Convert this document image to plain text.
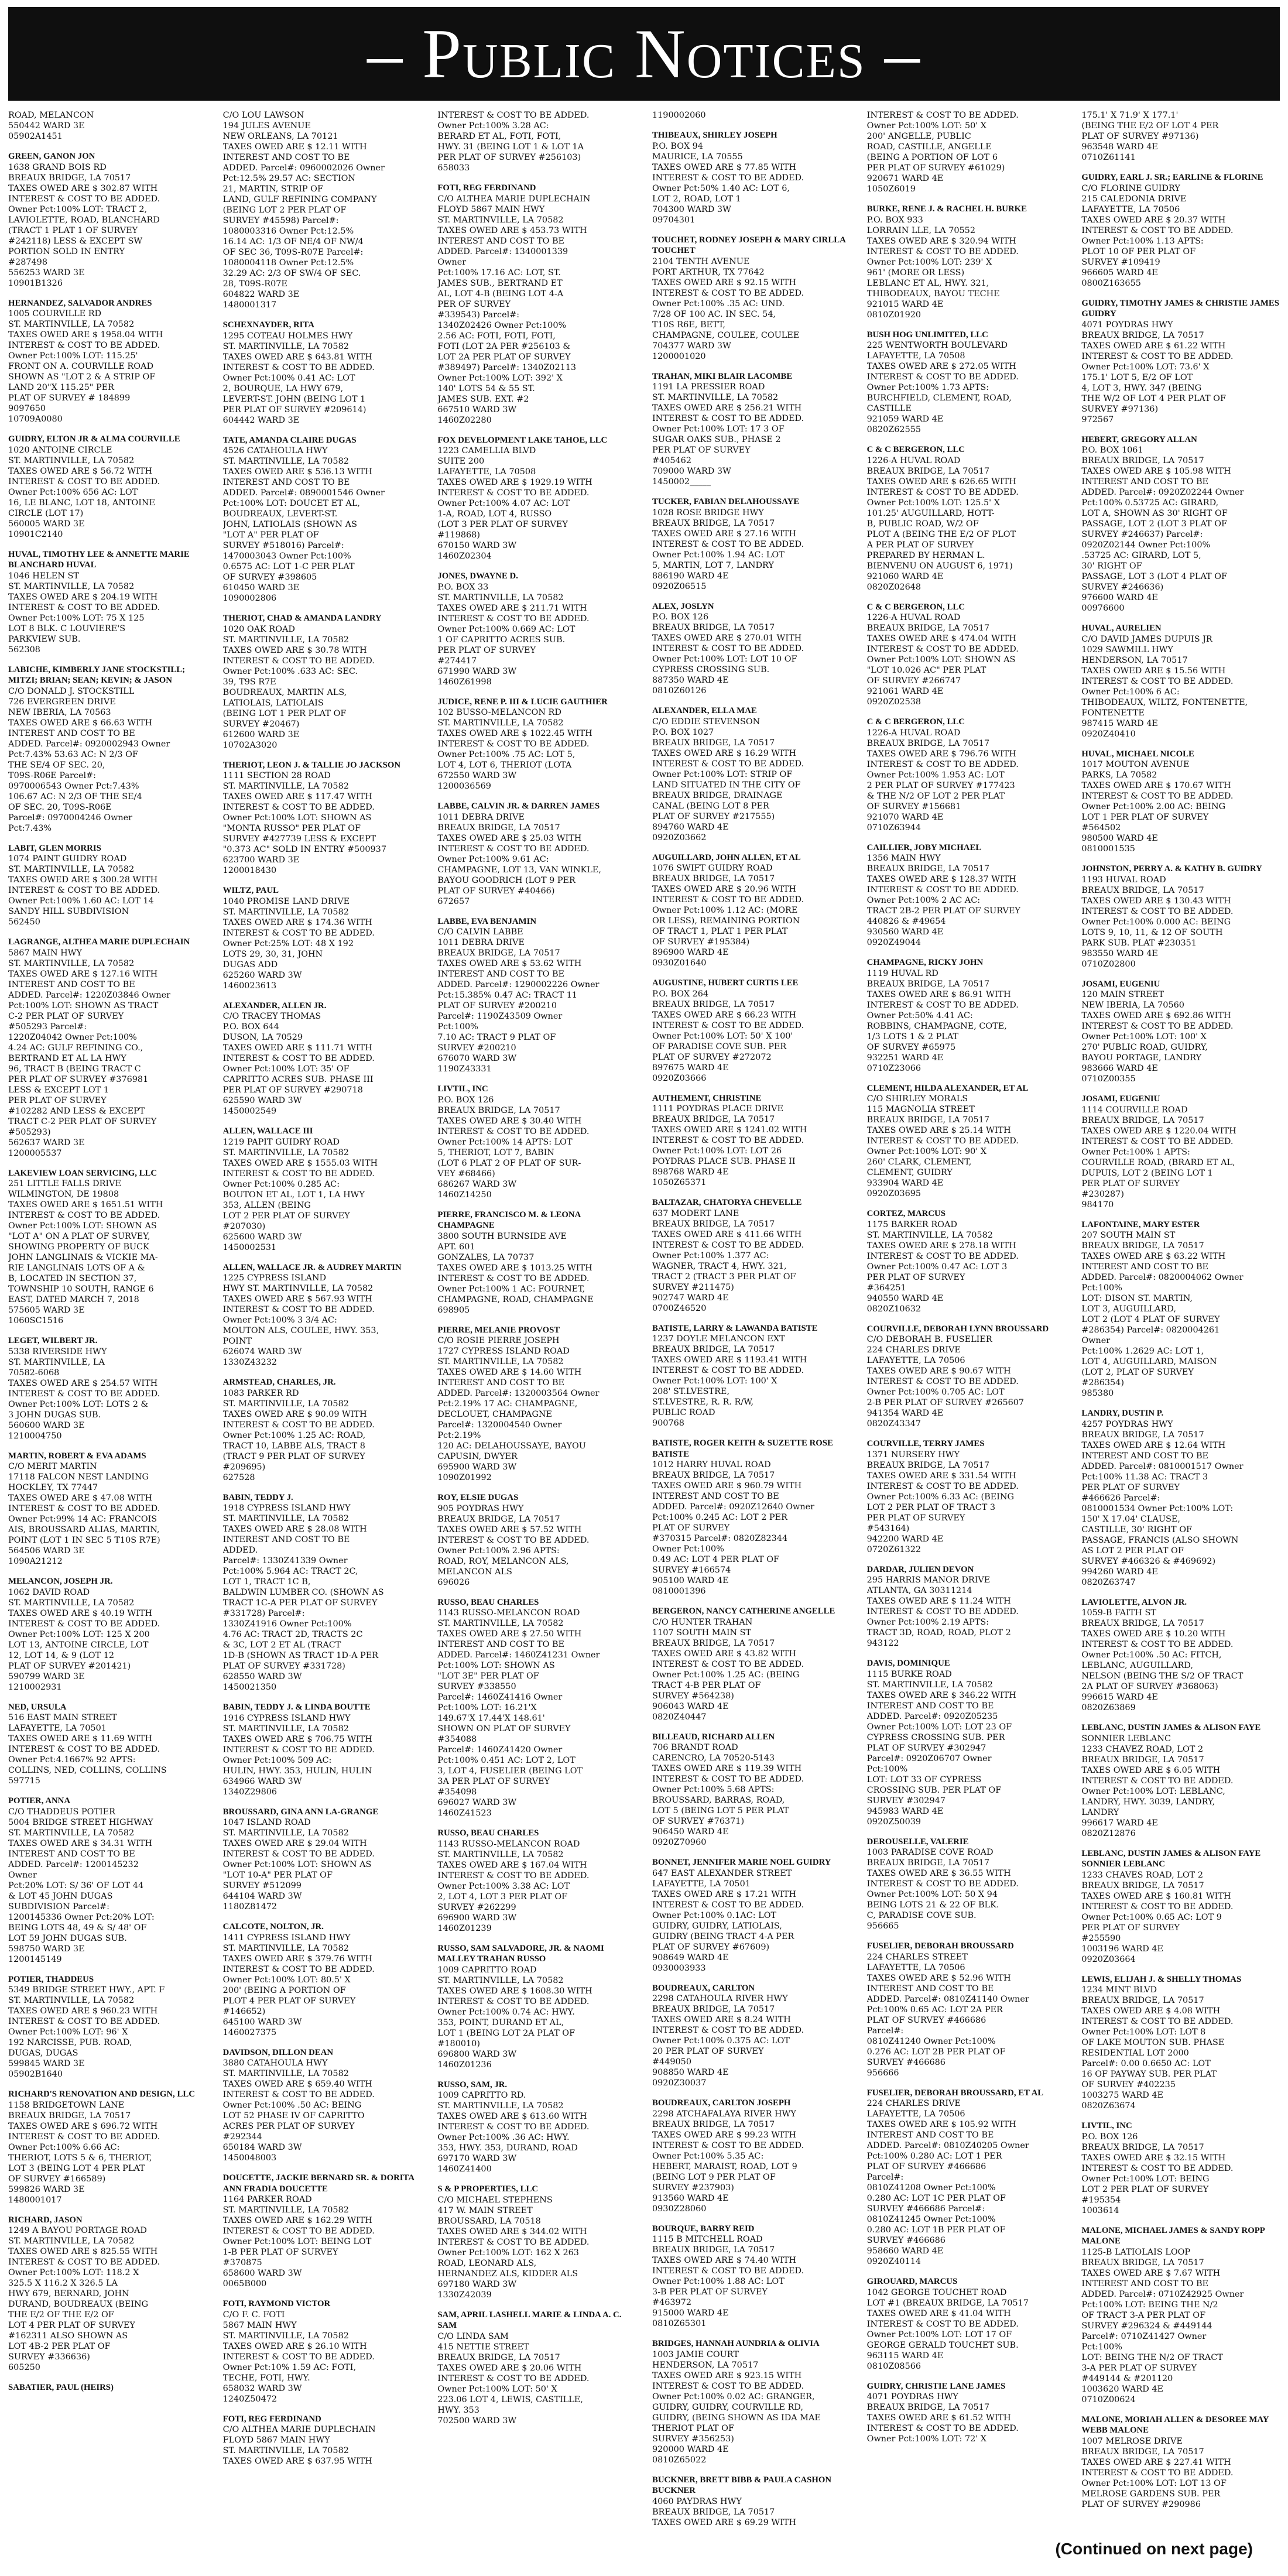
– Public Notices –
ROAD, MELANCON
550442 WARD 3E
05902A1451
GREEN, GANON JON
1638 GRAND BOIS RD
BREAUX BRIDGE, LA 70517
TAXES OWED ARE $ 302.87 WITH
INTEREST & COST TO BE ADDED.
Owner Pct:100% LOT: TRACT 2,
LAVIOLETTE, ROAD, BLANCHARD
(TRACT 1 PLAT 1 OF SURVEY
#242118) LESS & EXCEPT SW
PORTION SOLD IN ENTRY
#287498
556253 WARD 3E
10901B1326
HERNANDEZ, SALVADOR ANDRES
1005 COURVILLE RD
ST. MARTINVILLE, LA 70582
TAXES OWED ARE $ 1958.04 WITH
INTEREST & COST TO BE ADDED.
Owner Pct:100% LOT: 115.25'
FRONT ON A. COURVILLE ROAD
SHOWN AS "LOT 2 & A STRIP OF
LAND 20"X 115.25" PER
PLAT OF SURVEY # 184899
9097650
10709A0080
GUIDRY, ELTON JR & ALMA COURVILLE
1020 ANTOINE CIRCLE
ST. MARTINVILLE, LA 70582
TAXES OWED ARE $ 56.72 WITH
INTEREST & COST TO BE ADDED.
Owner Pct:100% 656 AC: LOT
16, LE BLANC, LOT 18, ANTOINE
CIRCLE (LOT 17)
560005 WARD 3E
10901C2140
HUVAL, TIMOTHY LEE & ANNETTE MARIE BLANCHARD HUVAL
1046 HELEN ST
ST. MARTINVILLE, LA 70582
TAXES OWED ARE $ 204.19 WITH
INTEREST & COST TO BE ADDED.
Owner Pct:100% LOT: 75 X 125
LOT 8 BLK. C LOUVIERE'S
PARKVIEW SUB.
562308
LABICHE, KIMBERLY JANE STOCKSTILL; MITZI; BRIAN; SEAN; KEVIN; & JASON
C/O DONALD J. STOCKSTILL
726 EVERGREEN DRIVE
NEW IBERIA, LA 70563
TAXES OWED ARE $ 66.63 WITH
INTEREST AND COST TO BE
ADDED. Parcel#: 0920002943 Owner
Pct:7.43% 53.63 AC: N 2/3 OF
THE SE/4 OF SEC. 20,
T09S-R06E Parcel#:
0970006543 Owner Pct:7.43%
106.67 AC: N 2/3 OF THE SE/4
OF SEC. 20, T09S-R06E
Parcel#: 0970004246 Owner
Pct:7.43%
LABIT, GLEN MORRIS
1074 PAINT GUIDRY ROAD
ST. MARTINVILLE, LA 70582
TAXES OWED ARE $ 300.28 WITH
INTEREST & COST TO BE ADDED.
Owner Pct:100% 1.60 AC: LOT 14
SANDY HILL SUBDIVISION
562450
LAGRANGE, ALTHEA MARIE DUPLECHAIN
5867 MAIN HWY
ST. MARTINVILLE, LA 70582
TAXES OWED ARE $ 127.16 WITH
INTEREST AND COST TO BE
ADDED. Parcel#: 1220Z03846 Owner
Pct:100% LOT: SHOWN AS TRACT
C-2 PER PLAT OF SURVEY
#505293 Parcel#:
1220Z04042 Owner Pct:100%
4.24 AC: GULF REFINING CO.,
BERTRAND ET AL LA HWY
96, TRACT B (BEING TRACT C
PER PLAT OF SURVEY #376981
LESS & EXCEPT LOT 1
PER PLAT OF SURVEY
#102282 AND LESS & EXCEPT
TRACT C-2 PER PLAT OF SURVEY
#505293)
562637 WARD 3E
1200005537
LAKEVIEW LOAN SERVICING, LLC
251 LITTLE FALLS DRIVE
WILMINGTON, DE 19808
TAXES OWED ARE $ 1651.51 WITH
INTEREST & COST TO BE ADDED.
Owner Pct:100% LOT: SHOWN AS
"LOT A" ON A PLAT OF SURVEY,
SHOWING PROPERTY OF BUCK
JOHN LANGLINAIS & VICKIE MA-
RIE LANGLINAIS LOTS OF A &
B, LOCATED IN SECTION 37,
TOWNSHIP 10 SOUTH, RANGE 6
EAST, DATED MARCH 7, 2018
575605 WARD 3E
1060SC1516
LEGET, WILBERT JR.
5338 RIVERSIDE HWY
ST. MARTINVILLE, LA
70582-6068
TAXES OWED ARE $ 254.57 WITH
INTEREST & COST TO BE ADDED.
Owner Pct:100% LOT: LOTS 2 &
3 JOHN DUGAS SUB.
560600 WARD 3E
1210004750
MARTIN, ROBERT & EVA ADAMS
C/O MERIT MARTIN
17118 FALCON NEST LANDING
HOCKLEY, TX 77447
TAXES OWED ARE $ 47.08 WITH
INTEREST & COST TO BE ADDED.
Owner Pct:99% 14 AC: FRANCOIS
AIS, BROUSSARD ALIAS, MARTIN,
POINT (LOT 1 IN SEC 5 T10S R7E)
564506 WARD 3E
1090A21212
MELANCON, JOSEPH JR.
1062 DAVID ROAD
ST. MARTINVILLE, LA 70582
TAXES OWED ARE $ 40.19 WITH
INTEREST & COST TO BE ADDED.
Owner Pct:100% LOT: 125 X 200
LOT 13, ANTOINE CIRCLE, LOT
12, LOT 14, & 9 (LOT 12
PLAT OF SURVEY #201421)
590799 WARD 3E
1210002931
NED, URSULA
516 EAST MAIN STREET
LAFAYETTE, LA 70501
TAXES OWED ARE $ 11.69 WITH
INTEREST & COST TO BE ADDED.
Owner Pct:4.1667% 92 APTS:
COLLINS, NED, COLLINS, COLLINS
597715
POTIER, ANNA
C/O THADDEUS POTIER
5004 BRIDGE STREET HIGHWAY
ST. MARTINVILLE, LA 70582
TAXES OWED ARE $ 34.31 WITH
INTEREST AND COST TO BE
ADDED. Parcel#: 1200145232
Owner
Pct:20% LOT: S/ 36' OF LOT 44
& LOT 45 JOHN DUGAS
SUBDIVISION Parcel#:
1200145336 Owner Pct:20% LOT:
BEING LOTS 48, 49 & S/ 48' OF
LOT 59 JOHN DUGAS SUB.
598750 WARD 3E
1200145149
POTIER, THADDEUS
5349 BRIDGE STREET HWY., APT. F
ST. MARTINVILLE, LA 70582
TAXES OWED ARE $ 960.23 WITH
INTEREST & COST TO BE ADDED.
Owner Pct:100% LOT: 96' X
192 NARCISSE, PUB. ROAD,
DUGAS, DUGAS
599845 WARD 3E
05902B1640
RICHARD'S RENOVATION AND DESIGN, LLC
1158 BRIDGETOWN LANE
BREAUX BRIDGE, LA 70517
TAXES OWED ARE $ 696.72 WITH
INTEREST & COST TO BE ADDED.
Owner Pct:100% 6.66 AC:
THERIOT, LOTS 5 & 6, THERIOT,
LOT 3 (BEING LOT 4 PER PLAT
OF SURVEY #166589)
599826 WARD 3E
1480001017
RICHARD, JASON
1249 A BAYOU PORTAGE ROAD
ST. MARTINVILLE, LA 70582
TAXES OWED ARE $ 825.55 WITH
INTEREST & COST TO BE ADDED.
Owner Pct:100% LOT: 118.2 X
325.5 X 116.2 X 326.5 LA
HWY 679, BERNARD, JOHN
DURAND, BOUDREAUX (BEING
THE E/2 OF THE E/2 OF
LOT 4 PER PLAT OF SURVEY
#162311 ALSO SHOWN AS
LOT 4B-2 PER PLAT OF
SURVEY #336636)
605250
SABATIER, PAUL (HEIRS)
C/O LOU LAWSON
194 JULES AVENUE
NEW ORLEANS, LA 70121
TAXES OWED ARE $ 12.11 WITH
INTEREST AND COST TO BE
ADDED. Parcel#: 0960002026 Owner
Pct:12.5% 29.57 AC: SECTION
21, MARTIN, STRIP OF
LAND, GULF REFINING COMPANY
(BEING LOT 2 PER PLAT OF
SURVEY #45598) Parcel#:
1080003316 Owner Pct:12.5%
16.14 AC: 1/3 OF NE/4 OF NW/4
OF SEC 36, T09S-R07E Parcel#:
1080004118 Owner Pct:12.5%
32.29 AC: 2/3 OF SW/4 OF SEC.
28, T09S-R07E
604822 WARD 3E
1480001317
SCHEXNAYDER, RITA
1295 COTEAU HOLMES HWY
ST. MARTINVILLE, LA 70582
TAXES OWED ARE $ 643.81 WITH
INTEREST & COST TO BE ADDED.
Owner Pct:100% 0.41 AC: LOT
2, BOURQUE, LA HWY 679,
LEVERT-ST. JOHN (BEING LOT 1
PER PLAT OF SURVEY #209614)
604442 WARD 3E
TATE, AMANDA CLAIRE DUGAS
4526 CATAHOULA HWY
ST. MARTINVILLE, LA 70582
TAXES OWED ARE $ 536.13 WITH
INTEREST AND COST TO BE
ADDED. Parcel#: 0890001546 Owner
Pct:100% LOT: DOUCET ET AL,
BOUDREAUX, LEVERT-ST.
JOHN, LATIOLAIS (SHOWN AS
"LOT A" PER PLAT OF
SURVEY #518016) Parcel#:
1470003043 Owner Pct:100%
0.6575 AC: LOT 1-C PER PLAT
OF SURVEY #398605
610450 WARD 3E
1090002806
THERIOT, CHAD & AMANDA LANDRY
1020 OAK ROAD
ST. MARTINVILLE, LA 70582
TAXES OWED ARE $ 30.78 WITH
INTEREST & COST TO BE ADDED.
Owner Pct:100% .633 AC: SEC.
39, T9S R7E
BOUDREAUX, MARTIN ALS,
LATIOLAIS, LATIOLAIS
(BEING LOT 1 PER PLAT OF
SURVEY #20467)
612600 WARD 3E
10702A3020
THERIOT, LEON J. & TALLIE JO JACKSON
1111 SECTION 28 ROAD
ST. MARTINVILLE, LA 70582
TAXES OWED ARE $ 117.47 WITH
INTEREST & COST TO BE ADDED.
Owner Pct:100% LOT: SHOWN AS
"MONTA RUSSO" PER PLAT OF
SURVEY #427739 LESS & EXCEPT
"0.373 AC" SOLD IN ENTRY #500937
623700 WARD 3E
1200018430
WILTZ, PAUL
1040 PROMISE LAND DRIVE
ST. MARTINVILLE, LA 70582
TAXES OWED ARE $ 174.36 WITH
INTEREST & COST TO BE ADDED.
Owner Pct:25% LOT: 48 X 192
LOTS 29, 30, 31, JOHN
DUGAS ADD
625260 WARD 3W
1460023613
ALEXANDER, ALLEN JR.
C/O TRACEY THOMAS
P.O. BOX 644
DUSON, LA 70529
TAXES OWED ARE $ 111.71 WITH
INTEREST & COST TO BE ADDED.
Owner Pct:100% LOT: 35' OF
CAPRITTO ACRES SUB. PHASE III
PER PLAT OF SURVEY #290718
625590 WARD 3W
1450002549
ALLEN, WALLACE III
1219 PAPIT GUIDRY ROAD
ST. MARTINVILLE, LA 70582
TAXES OWED ARE $ 1555.03 WITH
INTEREST & COST TO BE ADDED.
Owner Pct:100% 0.285 AC:
BOUTON ET AL, LOT 1, LA HWY
353, ALLEN (BEING
LOT 2 PER PLAT OF SURVEY
#207030)
625600 WARD 3W
1450002531
ALLEN, WALLACE JR. & AUDREY MARTIN
1225 CYPRESS ISLAND
HWY ST. MARTINVILLE, LA 70582
TAXES OWED ARE $ 567.93 WITH
INTEREST & COST TO BE ADDED.
Owner Pct:100% 3 3/4 AC:
MOUTON ALS, COULEE, HWY. 353,
POINT
626074 WARD 3W
1330Z43232
ARMSTEAD, CHARLES, JR.
1083 PARKER RD
ST. MARTINVILLE, LA 70582
TAXES OWED ARE $ 90.09 WITH
INTEREST & COST TO BE ADDED.
Owner Pct:100% 1.25 AC: ROAD,
TRACT 10, LABBE ALS, TRACT 8
(TRACT 9 PER PLAT OF SURVEY
#209695)
627528
BABIN, TEDDY J.
1918 CYPRESS ISLAND HWY
ST. MARTINVILLE, LA 70582
TAXES OWED ARE $ 28.08 WITH
INTEREST AND COST TO BE
ADDED.
Parcel#: 1330Z41339 Owner
Pct:100% 5.964 AC: TRACT 2C,
LOT 1, TRACT 1C B,
BALDWIN LUMBER CO. (SHOWN AS
TRACT 1C-A PER PLAT OF SURVEY
#331728) Parcel#:
1330Z41916 Owner Pct:100%
4.76 AC: TRACT 2D, TRACTS 2C
& 3C, LOT 2 ET AL (TRACT
1D-B (SHOWN AS TRACT 1D-A PER
PLAT OF SURVEY #331728)
628550 WARD 3W
1450021350
BABIN, TEDDY J. & LINDA BOUTTE
1916 CYPRESS ISLAND HWY
ST. MARTINVILLE, LA 70582
TAXES OWED ARE $ 706.75 WITH
INTEREST & COST TO BE ADDED.
Owner Pct:100% 509 AC:
HULIN, HWY. 353, HULIN, HULIN
634966 WARD 3W
1340Z29806
BROUSSARD, GINA ANN LA-GRANGE
1047 ISLAND ROAD
ST. MARTINVILLE, LA 70582
TAXES OWED ARE $ 29.04 WITH
INTEREST & COST TO BE ADDED.
Owner Pct:100% LOT: SHOWN AS
"LOT 10-A" PER PLAT OF
SURVEY #512099
644104 WARD 3W
1180Z81472
CALCOTE, NOLTON, JR.
1411 CYPRESS ISLAND HWY
ST. MARTINVILLE, LA 70582
TAXES OWED ARE $ 379.76 WITH
INTEREST & COST TO BE ADDED.
Owner Pct:100% LOT: 80.5' X
200' (BEING A PORTION OF
PLOT 4 PER PLAT OF SURVEY
#146652)
645100 WARD 3W
1460027375
DAVIDSON, DILLON DEAN
3880 CATAHOULA HWY
ST. MARTINVILLE, LA 70582
TAXES OWED ARE $ 659.40 WITH
INTEREST & COST TO BE ADDED.
Owner Pct:100% .50 AC: BEING
LOT 52 PHASE IV OF CAPRITTO
ACRES PER PLAT OF SURVEY
#292344
650184 WARD 3W
1450048003
DOUCETTE, JACKIE BERNARD SR. & DORITA ANN FRADIA DOUCETTE
1164 PARKER ROAD
ST. MARTINVILLE, LA 70582
TAXES OWED ARE $ 162.29 WITH
INTEREST & COST TO BE ADDED.
Owner Pct:100% LOT: BEING LOT
1-B PER PLAT OF SURVEY
#370875
658600 WARD 3W
0065B000
FOTI, RAYMOND VICTOR
C/O F. C. FOTI
5867 MAIN HWY
ST. MARTINVILLE, LA 70582
TAXES OWED ARE $ 26.10 WITH
INTEREST & COST TO BE ADDED.
Owner Pct:10% 1.59 AC: FOTI,
TECHE, FOTI, HWY.
658032 WARD 3W
1240Z50472
FOTI, REG FERDINAND
C/O ALTHEA MARIE DUPLECHAIN
FLOYD 5867 MAIN HWY
ST. MARTINVILLE, LA 70582
TAXES OWED ARE $ 637.95 WITH
INTEREST & COST TO BE ADDED.
Owner Pct:100% 3.28 AC:
BERARD ET AL, FOTI, FOTI,
HWY. 31 (BEING LOT 1 & LOT 1A
PER PLAT OF SURVEY #256103)
658033
FOTI, REG FERDINAND
C/O ALTHEA MARIE DUPLECHAIN
FLOYD 5867 MAIN HWY
ST. MARTINVILLE, LA 70582
TAXES OWED ARE $ 453.73 WITH
INTEREST AND COST TO BE
ADDED. Parcel#: 1340001339
Owner
Pct:100% 17.16 AC: LOT, ST.
JAMES SUB., BERTRAND ET
AL, LOT 4-B (BEING LOT 4-A
PER OF SURVEY
#339543) Parcel#:
1340Z02426 Owner Pct:100%
2.56 AC: FOTI, FOTI, FOTI,
FOTI (LOT 2A PER #256103 &
LOT 2A PER PLAT OF SURVEY
#389497) Parcel#: 1340Z02113
Owner Pct:100% LOT: 392' X
140' LOTS 54 & 55 ST.
JAMES SUB. EXT. #2
667510 WARD 3W
1460Z02280
FOX DEVELOPMENT LAKE TAHOE, LLC
1223 CAMELLIA BLVD
SUITE 200
LAFAYETTE, LA 70508
TAXES OWED ARE $ 1929.19 WITH
INTEREST & COST TO BE ADDED.
Owner Pct:100% 4.07 AC: LOT
1-A, ROAD, LOT 4, RUSSO
(LOT 3 PER PLAT OF SURVEY
#119868)
670150 WARD 3W
1460Z02304
JONES, DWAYNE D.
P.O. BOX 33
ST. MARTINVILLE, LA 70582
TAXES OWED ARE $ 211.71 WITH
INTEREST & COST TO BE ADDED.
Owner Pct:100% 0.669 AC: LOT
1 OF CAPRITTO ACRES SUB.
PER PLAT OF SURVEY
#274417
671990 WARD 3W
1460Z61998
JUDICE, RENE P. III & LUCIE GAUTHIER
102 BUSSO-MELANCON RD
ST. MARTINVILLE, LA 70582
TAXES OWED ARE $ 1022.45 WITH
INTEREST & COST TO BE ADDED.
Owner Pct:100% .75 AC: LOT 5,
LOT 4, LOT 6, THERIOT (LOTA
672550 WARD 3W
1200036569
LABBE, CALVIN JR. & DARREN JAMES
1011 DEBRA DRIVE
BREAUX BRIDGE, LA 70517
TAXES OWED ARE $ 25.03 WITH
INTEREST & COST TO BE ADDED.
Owner Pct:100% 9.61 AC:
CHAMPAGNE, LOT 13, VAN WINKLE,
BAYOU GOODRICH (LOT 9 PER
PLAT OF SURVEY #40466)
672657
LABBE, EVA BENJAMIN
C/O CALVIN LABBE
1011 DEBRA DRIVE
BREAUX BRIDGE, LA 70517
TAXES OWED ARE $ 53.62 WITH
INTEREST AND COST TO BE
ADDED. Parcel#: 1290002226 Owner
Pct:15.385% 0.47 AC: TRACT 11
PLAT OF SURVEY #200210
Parcel#: 1190Z43509 Owner
Pct:100%
7.10 AC: TRACT 9 PLAT OF
SURVEY #200210
676070 WARD 3W
1190Z43331
LIVTIL, INC
P.O. BOX 126
BREAUX BRIDGE, LA 70517
TAXES OWED ARE $ 30.40 WITH
INTEREST & COST TO BE ADDED.
Owner Pct:100% 14 APTS: LOT
5, THERIOT, LOT 7, BABIN
(LOT 6 PLAT 2 OF PLAT OF SUR-
VEY #68466)
686267 WARD 3W
1460Z14250
PIERRE, FRANCISCO M. & LEONA CHAMPAGNE
3800 SOUTH BURNSIDE AVE
APT. 601
GONZALES, LA 70737
TAXES OWED ARE $ 1013.25 WITH
INTEREST & COST TO BE ADDED.
Owner Pct:100% 1 AC: FOURNET,
CHAMPAGNE, ROAD, CHAMPAGNE
698905
PIERRE, MELANIE PROVOST
C/O ROSIE PIERRE JOSEPH
1727 CYPRESS ISLAND ROAD
ST. MARTINVILLE, LA 70582
TAXES OWED ARE $ 14.60 WITH
INTEREST AND COST TO BE
ADDED. Parcel#: 1320003564 Owner
Pct:2.19% 17 AC: CHAMPAGNE,
DECLOUET, CHAMPAGNE
Parcel#: 1320004540 Owner
Pct:2.19%
120 AC: DELAHOUSSAYE, BAYOU
CAPUSIN, DWYER
695900 WARD 3W
1090Z01992
ROY, ELSIE DUGAS
905 POYDRAS HWY
BREAUX BRIDGE, LA 70517
TAXES OWED ARE $ 57.52 WITH
INTEREST & COST TO BE ADDED.
Owner Pct:100% 2.96 APTS:
ROAD, ROY, MELANCON ALS,
MELANCON ALS
696026
RUSSO, BEAU CHARLES
1143 RUSSO-MELANCON ROAD
ST. MARTINVILLE, LA 70582
TAXES OWED ARE $ 27.50 WITH
INTEREST AND COST TO BE
ADDED. Parcel#: 1460Z41231 Owner
Pct:100% LOT: SHOWN AS
"LOT 3E" PER PLAT OF
SURVEY #338550
Parcel#: 1460Z41416 Owner
Pct:100% LOT: 16.21'X
149.67'X 17.44'X 148.61'
SHOWN ON PLAT OF SURVEY
#354088
Parcel#: 1460Z41420 Owner
Pct:100% 0.451 AC: LOT 2, LOT
3, LOT 4, FUSELIER (BEING LOT
3A PER PLAT OF SURVEY
#354098
696027 WARD 3W
1460Z41523
RUSSO, BEAU CHARLES
1143 RUSSO-MELANCON ROAD
ST. MARTINVILLE, LA 70582
TAXES OWED ARE $ 167.04 WITH
INTEREST & COST TO BE ADDED.
Owner Pct:100% 3.38 AC: LOT
2, LOT 4, LOT 3 PER PLAT OF
SURVEY #262299
696900 WARD 3W
1460Z01239
RUSSO, SAM SALVADORE, JR. & NAOMI MALLEY TRAHAN RUSSO
1009 CAPRITTO ROAD
ST. MARTINVILLE, LA 70582
TAXES OWED ARE $ 1608.30 WITH
INTEREST & COST TO BE ADDED.
Owner Pct:100% 0.74 AC: HWY.
353, POINT, DURAND ET AL,
LOT 1 (BEING LOT 2A PLAT OF
#180010)
696800 WARD 3W
1460Z01236
RUSSO, SAM, JR.
1009 CAPRITTO RD.
ST. MARTINVILLE, LA 70582
TAXES OWED ARE $ 613.60 WITH
INTEREST & COST TO BE ADDED.
Owner Pct:100% .36 AC: HWY.
353, HWY. 353, DURAND, ROAD
697170 WARD 3W
1460Z41400
S & P PROPERTIES, LLC
C/O MICHAEL STEPHENS
417 W. MAIN STREET
BROUSSARD, LA 70518
TAXES OWED ARE $ 344.02 WITH
INTEREST & COST TO BE ADDED.
Owner Pct:100% LOT: 162 X 263
ROAD, LEONARD ALS,
HERNANDEZ ALS, KIDDER ALS
697180 WARD 3W
1330Z42039
SAM, APRIL LASHELL MARIE & LINDA A. C. SAM
C/O LINDA SAM
415 NETTIE STREET
BREAUX BRIDGE, LA 70517
TAXES OWED ARE $ 20.06 WITH
INTEREST & COST TO BE ADDED.
Owner Pct:100% LOT: 50' X
223.06 LOT 4, LEWIS, CASTILLE,
HWY. 353
702500 WARD 3W
1190002060
THIBEAUX, SHIRLEY JOSEPH
P.O. BOX 94
MAURICE, LA 70555
TAXES OWED ARE $ 77.85 WITH
INTEREST & COST TO BE ADDED.
Owner Pct:50% 1.40 AC: LOT 6,
LOT 2, ROAD, LOT 1
704300 WARD 3W
09704301
TOUCHET, RODNEY JOSEPH & MARY CIRLLA TOUCHET
2104 TENTH AVENUE
PORT ARTHUR, TX 77642
TAXES OWED ARE $ 92.15 WITH
INTEREST & COST TO BE ADDED.
Owner Pct:100% .35 AC: UND.
7/28 OF 100 AC. IN SEC. 54,
T10S R6E, BETT,
CHAMPAGNE, COULEE, COULEE
704377 WARD 3W
1200001020
TRAHAN, MIKI BLAIR LACOMBE
1191 LA PRESSIER ROAD
ST. MARTINVILLE, LA 70582
TAXES OWED ARE $ 256.21 WITH
INTEREST & COST TO BE ADDED.
Owner Pct:100% LOT: 17 3 OF
SUGAR OAKS SUB., PHASE 2
PER PLAT OF SURVEY
#405462
709000 WARD 3W
1450002_____
TUCKER, FABIAN DELAHOUSSAYE
1028 ROSE BRIDGE HWY
BREAUX BRIDGE, LA 70517
TAXES OWED ARE $ 27.16 WITH
INTEREST & COST TO BE ADDED.
Owner Pct:100% 1.94 AC: LOT
5, MARTIN, LOT 7, LANDRY
886190 WARD 4E
0920Z06515
ALEX, JOSLYN
P.O. BOX 126
BREAUX BRIDGE, LA 70517
TAXES OWED ARE $ 270.01 WITH
INTEREST & COST TO BE ADDED.
Owner Pct:100% LOT: LOT 10 OF
CYPRESS CROSSING SUB.
887350 WARD 4E
0810Z60126
ALEXANDER, ELLA MAE
C/O EDDIE STEVENSON
P.O. BOX 1027
BREAUX BRIDGE, LA 70517
TAXES OWED ARE $ 16.29 WITH
INTEREST & COST TO BE ADDED.
Owner Pct:100% LOT: STRIP OF
LAND SITUATED IN THE CITY OF
BREAUX BRIDGE, DRAINAGE
CANAL (BEING LOT 8 PER
PLAT OF SURVEY #217555)
894760 WARD 4E
0920Z03662
AUGUILLARD, JOHN ALLEN, ET AL
1076 SWIFT GUIDRY ROAD
BREAUX BRIDGE, LA 70517
TAXES OWED ARE $ 20.96 WITH
INTEREST & COST TO BE ADDED.
Owner Pct:100% 1.12 AC: (MORE
OR LESS), REMAINING PORTION
OF TRACT 1, PLAT 1 PER PLAT
OF SURVEY #195384)
896900 WARD 4E
0930Z01640
AUGUSTINE, HUBERT CURTIS LEE
P.O. BOX 264
BREAUX BRIDGE, LA 70517
TAXES OWED ARE $ 66.23 WITH
INTEREST & COST TO BE ADDED.
Owner Pct:100% LOT: 50' X 100'
OF PARADISE COVE SUB. PER
PLAT OF SURVEY #272072
897675 WARD 4E
0920Z03666
AUTHEMENT, CHRISTINE
1111 POYDRAS PLACE DRIVE
BREAUX BRIDGE, LA 70517
TAXES OWED ARE $ 1241.02 WITH
INTEREST & COST TO BE ADDED.
Owner Pct:100% LOT: LOT 26
POYDRAS PLACE SUB. PHASE II
898768 WARD 4E
1050Z65371
BALTAZAR, CHATORYA CHEVELLE
637 MODERT LANE
BREAUX BRIDGE, LA 70517
TAXES OWED ARE $ 411.66 WITH
INTEREST & COST TO BE ADDED.
Owner Pct:100% 1.377 AC:
WAGNER, TRACT 4, HWY. 321,
TRACT 2 (TRACT 3 PER PLAT OF
SURVEY #211475)
902747 WARD 4E
0700Z46520
BATISTE, LARRY & LAWANDA BATISTE
1237 DOYLE MELANCON EXT
BREAUX BRIDGE, LA 70517
TAXES OWED ARE $ 1193.41 WITH
INTEREST & COST TO BE ADDED.
Owner Pct:100% LOT: 100' X
208' ST.LVESTRE,
ST.LVESTRE, R. R. R/W,
PUBLIC ROAD
900768
BATISTE, ROGER KEITH & SUZETTE ROSE BATISTE
1012 HARRY HUVAL ROAD
BREAUX BRIDGE, LA 70517
TAXES OWED ARE $ 960.79 WITH
INTEREST AND COST TO BE
ADDED. Parcel#: 0920Z12640 Owner
Pct:100% 0.245 AC: LOT 2 PER
PLAT OF SURVEY
#370315 Parcel#: 0820Z82344
Owner Pct:100%
0.49 AC: LOT 4 PER PLAT OF
SURVEY #166574
905100 WARD 4E
0810001396
BERGERON, NANCY CATHERINE ANGELLE
C/O HUNTER TRAHAN
1107 SOUTH MAIN ST
BREAUX BRIDGE, LA 70517
TAXES OWED ARE $ 43.82 WITH
INTEREST & COST TO BE ADDED.
Owner Pct:100% 1.25 AC: (BEING
TRACT 4-B PER PLAT OF
SURVEY #564238)
906043 WARD 4E
0820Z40447
BILLEAUD, RICHARD ALLEN
706 BRANDT ROAD
CARENCRO, LA 70520-5143
TAXES OWED ARE $ 119.39 WITH
INTEREST & COST TO BE ADDED.
Owner Pct:100% 5.68 APTS:
BROUSSARD, BARRAS, ROAD,
LOT 5 (BEING LOT 5 PER PLAT
OF SURVEY #76371)
906450 WARD 4E
0920Z70960
BONNET, JENNIFER MARIE NOEL GUIDRY
647 EAST ALEXANDER STREET
LAFAYETTE, LA 70501
TAXES OWED ARE $ 17.21 WITH
INTEREST & COST TO BE ADDED.
Owner Pct:100% 0.1AC: LOT
GUIDRY, GUIDRY, LATIOLAIS,
GUIDRY (BEING TRACT 4-A PER
PLAT OF SURVEY #67609)
908649 WARD 4E
0930003933
BOUDREAUX, CARLTON
2298 CATAHOULA RIVER HWY
BREAUX BRIDGE, LA 70517
TAXES OWED ARE $ 8.24 WITH
INTEREST & COST TO BE ADDED.
Owner Pct:100% 0.375 AC: LOT
20 PER PLAT OF SURVEY
#449050
908850 WARD 4E
0920Z30037
BOUDREAUX, CARLTON JOSEPH
2298 ATCHAFALAYA RIVER HWY
BREAUX BRIDGE, LA 70517
TAXES OWED ARE $ 99.23 WITH
INTEREST & COST TO BE ADDED.
Owner Pct:100% 5.35 AC:
HEBERT, MARAIST, ROAD, LOT 9
(BEING LOT 9 PER PLAT OF
SURVEY #237903)
913560 WARD 4E
0930Z28060
BOURQUE, BARRY REID
1115 B MITCHELL ROAD
BREAUX BRIDGE, LA 70517
TAXES OWED ARE $ 74.40 WITH
INTEREST & COST TO BE ADDED.
Owner Pct:100% 1.88 AC: LOT
3-B PER PLAT OF SURVEY
#463972
915000 WARD 4E
0810Z65301
BRIDGES, HANNAH AUNDRIA & OLIVIA
1003 JAMIE COURT
HENDERSON, LA 70517
TAXES OWED ARE $ 923.15 WITH
INTEREST & COST TO BE ADDED.
Owner Pct:100% 0.02 AC: GRANGER,
GUIDRY, GUIDRY, COURVILLE RD,
GUIDRY, (BEING SHOWN AS IDA MAE
THERIOT PLAT OF
SURVEY #356253)
920000 WARD 4E
0810Z65022
BUCKNER, BRETT BIBB & PAULA CASHON BUCKNER
4060 PAYDRAS HWY
BREAUX BRIDGE, LA 70517
TAXES OWED ARE $ 69.29 WITH
INTEREST & COST TO BE ADDED.
Owner Pct:100% LOT: 50' X
200' ANGELLE, PUBLIC
ROAD, CASTILLE, ANGELLE
(BEING A PORTION OF LOT 6
PER PLAT OF SURVEY #61029)
920671 WARD 4E
1050Z6019
BURKE, RENE J. & RACHEL H. BURKE
P.O. BOX 933
LORRAIN LLE, LA 70552
TAXES OWED ARE $ 320.94 WITH
INTEREST & COST TO BE ADDED.
Owner Pct:100% LOT: 239' X
961' (MORE OR LESS)
LEBLANC ET AL, HWY. 321,
THIBODEAUX, BAYOU TECHE
921015 WARD 4E
0810Z01920
BUSH HOG UNLIMITED, LLC
225 WENTWORTH BOULEVARD
LAFAYETTE, LA 70508
TAXES OWED ARE $ 272.05 WITH
INTEREST & COST TO BE ADDED.
Owner Pct:100% 1.73 APTS:
BURCHFIELD, CLEMENT, ROAD,
CASTILLE
921059 WARD 4E
0820Z62555
C & C BERGERON, LLC
1226-A HUVAL ROAD
BREAUX BRIDGE, LA 70517
TAXES OWED ARE $ 626.65 WITH
INTEREST & COST TO BE ADDED.
Owner Pct:100% LOT: 125.5' X
101.25' AUGUILLARD, HOTT-
B, PUBLIC ROAD, W/2 OF
PLOT A (BEING THE E/2 OF PLOT
A PER PLAT OF SURVEY
PREPARED BY HERMAN L.
BIENVENU ON AUGUST 6, 1971)
921060 WARD 4E
0820Z02648
C & C BERGERON, LLC
1226-A HUVAL ROAD
BREAUX BRIDGE, LA 70517
TAXES OWED ARE $ 474.04 WITH
INTEREST & COST TO BE ADDED.
Owner Pct:100% LOT: SHOWN AS
"LOT 10.026 AC" PER PLAT
OF SURVEY #266747
921061 WARD 4E
0920Z02538
C & C BERGERON, LLC
1226-A HUVAL ROAD
BREAUX BRIDGE, LA 70517
TAXES OWED ARE $ 796.76 WITH
INTEREST & COST TO BE ADDED.
Owner Pct:100% 1.953 AC: LOT
2 PER PLAT OF SURVEY #177423
& THE N/2 OF LOT 2 PER PLAT
OF SURVEY #156681
921070 WARD 4E
0710Z63944
CAILLIER, JOBY MICHAEL
1356 MAIN HWY
BREAUX BRIDGE, LA 70517
TAXES OWED ARE $ 128.37 WITH
INTEREST & COST TO BE ADDED.
Owner Pct:100% 2 AC AC:
TRACT 2B-2 PER PLAT OF SURVEY
440826 & #49654
930560 WARD 4E
0920Z49044
CHAMPAGNE, RICKY JOHN
1119 HUVAL RD
BREAUX BRIDGE, LA 70517
TAXES OWED ARE $ 86.91 WITH
INTEREST & COST TO BE ADDED.
Owner Pct:50% 4.41 AC:
ROBBINS, CHAMPAGNE, COTE,
1/3 LOTS 1 & 2 PLAT
OF SURVEY #65975
932251 WARD 4E
0710Z23066
CLEMENT, HILDA ALEXANDER, ET AL
C/O SHIRLEY MORALS
115 MAGNOLIA STREET
BREAUX BRIDGE, LA 70517
TAXES OWED ARE $ 25.14 WITH
INTEREST & COST TO BE ADDED.
Owner Pct:100% LOT: 90' X
260' CLARK, CLEMENT,
CLEMENT, GUIDRY
933904 WARD 4E
0920Z03695
CORTEZ, MARCUS
1175 BARKER ROAD
ST. MARTINVILLE, LA 70582
TAXES OWED ARE $ 278.18 WITH
INTEREST & COST TO BE ADDED.
Owner Pct:100% 0.47 AC: LOT 3
PER PLAT OF SURVEY
#364251
940550 WARD 4E
0820Z10632
COURVILLE, DEBORAH LYNN BROUSSARD
C/O DEBORAH B. FUSELIER
224 CHARLES DRIVE
LAFAYETTE, LA 70506
TAXES OWED ARE $ 90.67 WITH
INTEREST & COST TO BE ADDED.
Owner Pct:100% 0.705 AC: LOT
2-B PER PLAT OF SURVEY #265607
941354 WARD 4E
0820Z43347
COURVILLE, TERRY JAMES
1371 NURSERY HWY
BREAUX BRIDGE, LA 70517
TAXES OWED ARE $ 331.54 WITH
INTEREST & COST TO BE ADDED.
Owner Pct:100% 6.33 AC: (BEING
LOT 2 PER PLAT OF TRACT 3
PER PLAT OF SURVEY
#543164)
942200 WARD 4E
0720Z61322
DARDAR, JULIEN DEVON
295 HARRIS MANOR DRIVE
ATLANTA, GA 30311214
TAXES OWED ARE $ 11.24 WITH
INTEREST & COST TO BE ADDED.
Owner Pct:100% 2.19 APTS:
TRACT 3D, ROAD, ROAD, PLOT 2
943122
DAVIS, DOMINIQUE
1115 BURKE ROAD
ST. MARTINVILLE, LA 70582
TAXES OWED ARE $ 346.22 WITH
INTEREST AND COST TO BE
ADDED. Parcel#: 0920Z05235
Owner Pct:100% LOT: LOT 23 OF
CYPRESS CROSSING SUB. PER
PLAT OF SURVEY #302947
Parcel#: 0920Z06707 Owner
Pct:100%
LOT: LOT 33 OF CYPRESS
CROSSING SUB. PER PLAT OF
SURVEY #302947
945983 WARD 4E
0920Z50039
DEROUSELLE, VALERIE
1003 PARADISE COVE ROAD
BREAUX BRIDGE, LA 70517
TAXES OWED ARE $ 36.55 WITH
INTEREST & COST TO BE ADDED.
Owner Pct:100% LOT: 50 X 94
BEING LOTS 21 & 22 OF BLK.
C, PARADISE COVE SUB.
956665
FUSELIER, DEBORAH BROUSSARD
224 CHARLES STREET
LAFAYETTE, LA 70506
TAXES OWED ARE $ 52.96 WITH
INTEREST AND COST TO BE
ADDED. Parcel#: 0810Z41140 Owner
Pct:100% 0.65 AC: LOT 2A PER
PLAT OF SURVEY #466686
Parcel#:
0810Z41240 Owner Pct:100%
0.276 AC: LOT 2B PER PLAT OF
SURVEY #466686
956666
FUSELIER, DEBORAH BROUSSARD, ET AL
224 CHARLES DRIVE
LAFAYETTE, LA 70506
TAXES OWED ARE $ 105.92 WITH
INTEREST AND COST TO BE
ADDED. Parcel#: 0810Z40205 Owner
Pct:100% 0.280 AC: LOT 1 PER
PLAT OF SURVEY #466686
Parcel#:
0810Z41208 Owner Pct:100%
0.280 AC: LOT 1C PER PLAT OF
SURVEY #466686 Parcel#:
0810Z41245 Owner Pct:100%
0.280 AC: LOT 1B PER PLAT OF
SURVEY #466686
958660 WARD 4E
0920Z40114
GIROUARD, MARCUS
1042 GEORGE TOUCHET ROAD
LOT #1 (BREAUX BRIDGE, LA 70517
TAXES OWED ARE $ 41.04 WITH
INTEREST & COST TO BE ADDED.
Owner Pct:100% LOT: LOT 17 OF
GEORGE GERALD TOUCHET SUB.
963115 WARD 4E
0810Z08566
GUIDRY, CHRISTIE LANE JAMES
4071 POYDRAS HWY
BREAUX BRIDGE, LA 70517
TAXES OWED ARE $ 61.52 WITH
INTEREST & COST TO BE ADDED.
Owner Pct:100% LOT: 72' X
175.1' X 71.9' X 177.1'
(BEING THE E/2 OF LOT 4 PER
PLAT OF SURVEY #97136)
963548 WARD 4E
0710Z61141
GUIDRY, EARL J. SR.; EARLINE & FLORINE
C/O FLORINE GUIDRY
215 CALEDONIA DRIVE
LAFAYETTE, LA 70506
TAXES OWED ARE $ 20.37 WITH
INTEREST & COST TO BE ADDED.
Owner Pct:100% 1.13 APTS:
PLOT 10 OF PER PLAT OF
SURVEY #109419
966605 WARD 4E
0800Z163655
GUIDRY, TIMOTHY JAMES & CHRISTIE JAMES GUIDRY
4071 POYDRAS HWY
BREAUX BRIDGE, LA 70517
TAXES OWED ARE $ 61.22 WITH
INTEREST & COST TO BE ADDED.
Owner Pct:100% LOT: 73.6' X
175.1' LOT 5, E/2 OF LOT
4, LOT 3, HWY. 347 (BEING
THE W/2 OF LOT 4 PER PLAT OF
SURVEY #97136)
972567
HEBERT, GREGORY ALLAN
P.O. BOX 1061
BREAUX BRIDGE, LA 70517
TAXES OWED ARE $ 105.98 WITH
INTEREST AND COST TO BE
ADDED. Parcel#: 0920Z02244 Owner
Pct:100% 0.53725 AC: GIRARD,
LOT A, SHOWN AS 30' RIGHT OF
PASSAGE, LOT 2 (LOT 3 PLAT OF
SURVEY #246637) Parcel#:
0920Z02144 Owner Pct:100%
.53725 AC: GIRARD, LOT 5,
30' RIGHT OF
PASSAGE, LOT 3 (LOT 4 PLAT OF
SURVEY #246636)
976600 WARD 4E
00976600
HUVAL, AURELIEN
C/O DAVID JAMES DUPUIS JR
1029 SAWMILL HWY
HENDERSON, LA 70517
TAXES OWED ARE $ 15.56 WITH
INTEREST & COST TO BE ADDED.
Owner Pct:100% 6 AC:
THIBODEAUX, WILTZ, FONTENETTE,
FONTENETTE
987415 WARD 4E
0920Z40410
HUVAL, MICHAEL NICOLE
1017 MOUTON AVENUE
PARKS, LA 70582
TAXES OWED ARE $ 170.67 WITH
INTEREST & COST TO BE ADDED.
Owner Pct:100% 2.00 AC: BEING
LOT 1 PER PLAT OF SURVEY
#564502
980500 WARD 4E
0810001535
JOHNSTON, PERRY A. & KATHY B. GUIDRY
1193 HUVAL ROAD
BREAUX BRIDGE, LA 70517
TAXES OWED ARE $ 130.43 WITH
INTEREST & COST TO BE ADDED.
Owner Pct:100% 0.000 AC: BEING
LOTS 9, 10, 11, & 12 OF SOUTH
PARK SUB. PLAT #230351
983550 WARD 4E
0710Z02800
JOSAMI, EUGENIU
120 MAIN STREET
NEW IBERIA, LA 70560
TAXES OWED ARE $ 692.86 WITH
INTEREST & COST TO BE ADDED.
Owner Pct:100% LOT: 100' X
270' PUBLIC ROAD, GUIDRY,
BAYOU PORTAGE, LANDRY
983666 WARD 4E
0710Z00355
JOSAMI, EUGENIU
1114 COURVILLE ROAD
BREAUX BRIDGE, LA 70517
TAXES OWED ARE $ 1220.04 WITH
INTEREST & COST TO BE ADDED.
Owner Pct:100% 1 APTS:
COURVILLE ROAD, (BRARD ET AL,
DUPUIS, LOT 2 (BEING LOT 1
PER PLAT OF SURVEY
#230287)
984170
LAFONTAINE, MARY ESTER
207 SOUTH MAIN ST
BREAUX BRIDGE, LA 70517
TAXES OWED ARE $ 63.22 WITH
INTEREST AND COST TO BE
ADDED. Parcel#: 0820004062 Owner
Pct:100%
LOT: DISON ST. MARTIN,
LOT 3, AUGUILLARD,
LOT 2 (LOT 4 PLAT OF SURVEY
#286354) Parcel#: 0820004261
Owner
Pct:100% 1.2629 AC: LOT 1,
LOT 4, AUGUILLARD, MAISON
(LOT 2, PLAT OF SURVEY
#286354)
985380
LANDRY, DUSTIN P.
4257 POYDRAS HWY
BREAUX BRIDGE, LA 70517
TAXES OWED ARE $ 12.64 WITH
INTEREST AND COST TO BE
ADDED. Parcel#: 0810001517 Owner
Pct:100% 11.38 AC: TRACT 3
PER PLAT OF SURVEY
#466626 Parcel#:
0810001534 Owner Pct:100% LOT:
150' X 17.04' CLAUSE,
CASTILLE, 30' RIGHT OF
PASSAGE, FRANCIS (ALSO SHOWN
AS LOT 2 PER PLAT OF
SURVEY #466326 & #469692)
994260 WARD 4E
0820Z63747
LAVIOLETTE, ALVON JR.
1059-B FAITH ST
BREAUX BRIDGE, LA 70517
TAXES OWED ARE $ 10.20 WITH
INTEREST & COST TO BE ADDED.
Owner Pct:100% .50 AC: FITCH,
LEBLANC, AUGUILLARD,
NELSON (BEING THE S/2 OF TRACT
2A PLAT OF SURVEY #368063)
996615 WARD 4E
0820Z63869
LEBLANC, DUSTIN JAMES & ALISON FAYE
SONNIER LEBLANC
1233 CHAVEZ ROAD, LOT 2
BREAUX BRIDGE, LA 70517
TAXES OWED ARE $ 6.05 WITH
INTEREST & COST TO BE ADDED.
Owner Pct:100% LOT: LEBLANC,
LANDRY, HWY. 3039, LANDRY,
LANDRY
996617 WARD 4E
0820Z12876
LEBLANC, DUSTIN JAMES & ALISON FAYE SONNIER LEBLANC
1233 CHAVES ROAD, LOT 2
BREAUX BRIDGE, LA 70517
TAXES OWED ARE $ 160.81 WITH
INTEREST & COST TO BE ADDED.
Owner Pct:100% 0.65 AC: LOT 9
PER PLAT OF SURVEY
#255590
1003196 WARD 4E
0920Z03664
LEWIS, ELIJAH J. & SHELLY THOMAS
1234 MINT BLVD
BREAUX BRIDGE, LA 70517
TAXES OWED ARE $ 4.08 WITH
INTEREST & COST TO BE ADDED.
Owner Pct:100% LOT: LOT 8
OF LAKE MOUTON SUB. PHASE
RESIDENTIAL LOT 2000
Parcel#: 0.00 0.6650 AC: LOT
16 OF PAYWAY SUB. PER PLAT
OF SURVEY #402235
1003275 WARD 4E
0820Z63674
LIVTIL, INC
P.O. BOX 126
BREAUX BRIDGE, LA 70517
TAXES OWED ARE $ 32.15 WITH
INTEREST & COST TO BE ADDED.
Owner Pct:100% LOT: BEING
LOT 2 PER PLAT OF SURVEY
#195354
1003614
MALONE, MICHAEL JAMES & SANDY ROPP MALONE
1125-B LATIOLAIS LOOP
BREAUX BRIDGE, LA 70517
TAXES OWED ARE $ 7.67 WITH
INTEREST AND COST TO BE
ADDED. Parcel#: 0710Z42925 Owner
Pct:100% LOT: BEING THE N/2
OF TRACT 3-A PER PLAT OF
SURVEY #296324 & #449144
Parcel#: 0710Z41427 Owner
Pct:100%
LOT: BEING THE N/2 OF TRACT
3-A PER PLAT OF SURVEY
#449144 & #201120
1003620 WARD 4E
0710Z00624
MALONE, MORIAH ALLEN & DESOREE MAY WEBB MALONE
1007 MELROSE DRIVE
BREAUX BRIDGE, LA 70517
TAXES OWED ARE $ 227.41 WITH
INTEREST & COST TO BE ADDED.
Owner Pct:100% LOT: LOT 13 OF
MELROSE GARDENS SUB. PER
PLAT OF SURVEY #290986
(Continued on next page)
